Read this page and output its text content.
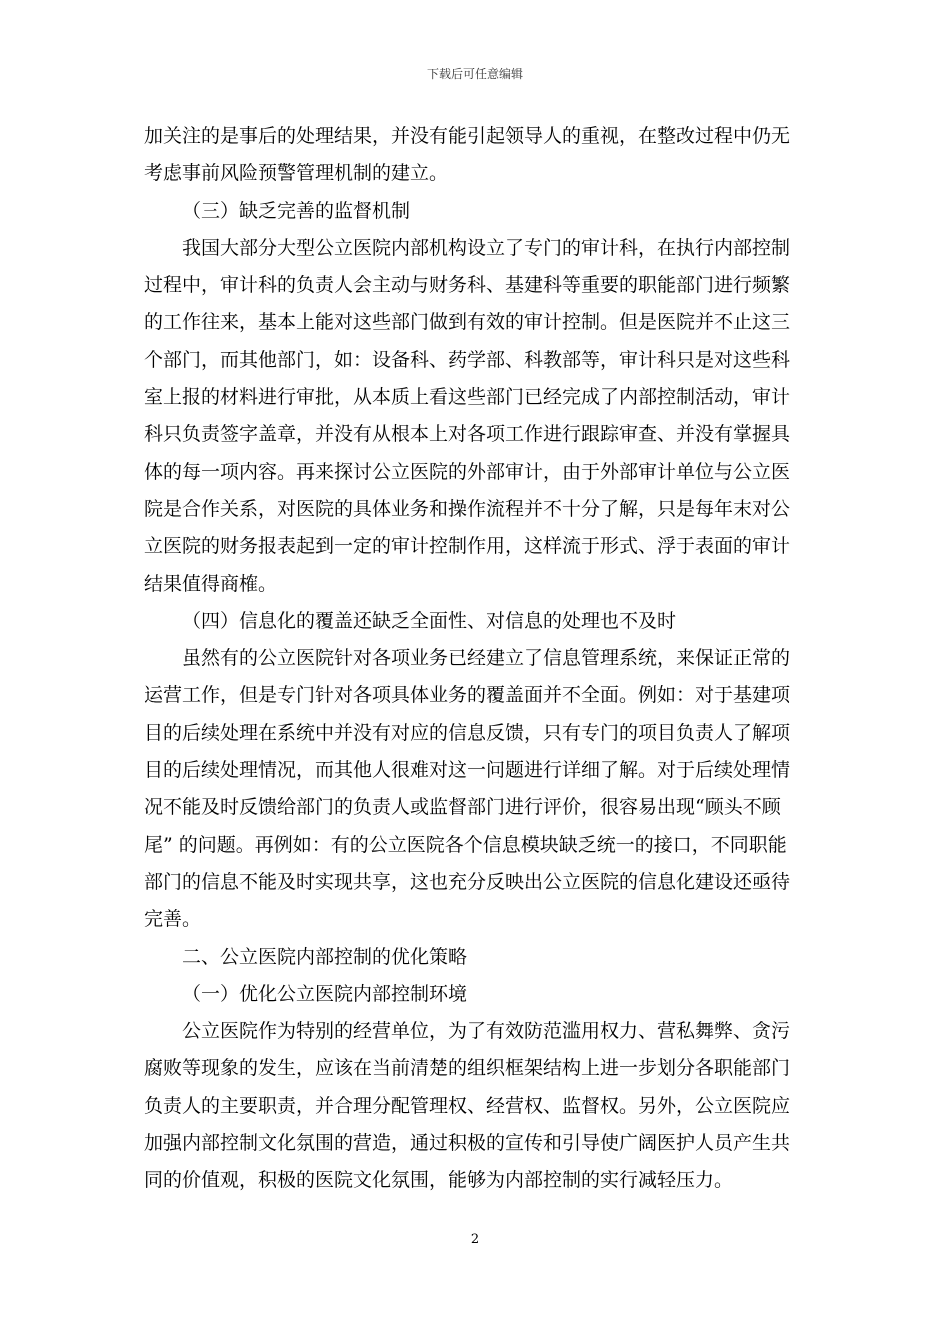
下载后可任意编辑
加关注的是事后的处理结果，并没有能引起领导人的重视，在整改过程中仍无
考虑事前风险预警管理机制的建立。
（三）缺乏完善的监督机制
我国大部分大型公立医院内部机构设立了专门的审计科，在执行内部控制
过程中，审计科的负责人会主动与财务科、基建科等重要的职能部门进行频繁
的工作往来，基本上能对这些部门做到有效的审计控制。但是医院并不止这三
个部门，而其他部门，如：设备科、药学部、科教部等，审计科只是对这些科
室上报的材料进行审批，从本质上看这些部门已经完成了内部控制活动，审计
科只负责签字盖章，并没有从根本上对各项工作进行跟踪审查、并没有掌握具
体的每一项内容。再来探讨公立医院的外部审计，由于外部审计单位与公立医
院是合作关系，对医院的具体业务和操作流程并不十分了解，只是每年末对公
立医院的财务报表起到一定的审计控制作用，这样流于形式、浮于表面的审计
结果值得商榷。
（四）信息化的覆盖还缺乏全面性、对信息的处理也不及时
虽然有的公立医院针对各项业务已经建立了信息管理系统，来保证正常的
运营工作，但是专门针对各项具体业务的覆盖面并不全面。例如：对于基建项
目的后续处理在系统中并没有对应的信息反馈，只有专门的项目负责人了解项
目的后续处理情况，而其他人很难对这一问题进行详细了解。对于后续处理情
况不能及时反馈给部门的负责人或监督部门进行评价，很容易出现“顾头不顾
尾” 的问题。再例如：有的公立医院各个信息模块缺乏统一的接口，不同职能
部门的信息不能及时实现共享，这也充分反映出公立医院的信息化建设还亟待
完善。
二、公立医院内部控制的优化策略
（一）优化公立医院内部控制环境
公立医院作为特别的经营单位，为了有效防范滥用权力、营私舞弊、贪污
腐败等现象的发生，应该在当前清楚的组织框架结构上进一步划分各职能部门
负责人的主要职责，并合理分配管理权、经营权、监督权。另外，公立医院应
加强内部控制文化氛围的营造，通过积极的宣传和引导使广阔医护人员产生共
同的价值观，积极的医院文化氛围，能够为内部控制的实行减轻压力。
2
